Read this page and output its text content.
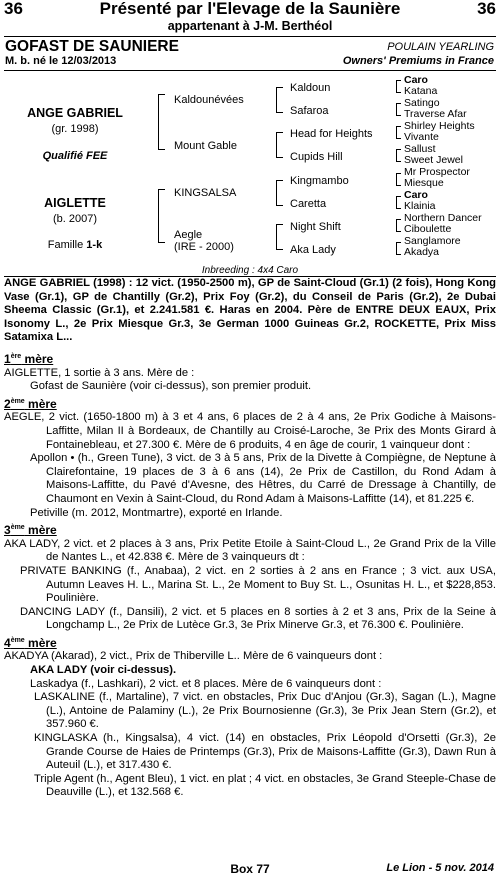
36	Présenté par l'Elevage de la Saunière	36
appartenant à J-M. Berthéol
GOFAST DE SAUNIERE	POULAIN YEARLING
M. b. né le 12/03/2013	Owners' Premiums in France
ANGE GABRIEL
(gr. 1998)
Qualifié FEE
AIGLETTE
(b. 2007)
Famille 1-k
Kaldounévées
Mount Gable
KINGSALSA
Aegle
(IRE - 2000)
Kaldoun
Safaroa
Head for Heights
Cupids Hill
Kingmambo
Caretta
Night Shift
Aka Lady
Caro
Katana
Satingo
Traverse Afar
Shirley Heights
Vivante
Sallust
Sweet Jewel
Mr Prospector
Miesque
Caro
Klainia
Northern Dancer
Ciboulette
Sanglamore
Akadya
Inbreeding : 4x4 Caro
ANGE GABRIEL (1998) : 12 vict. (1950-2500 m), GP de Saint-Cloud (Gr.1) (2 fois), Hong Kong Vase (Gr.1), GP de Chantilly (Gr.2), Prix Foy (Gr.2), du Conseil de Paris (Gr.2), 2e Dubai Sheema Classic (Gr.1), et 2.241.581 €. Haras en 2004. Père de ENTRE DEUX EAUX, Prix Isonomy L., 2e Prix Miesque Gr.3, 3e German 1000 Guineas Gr.2, ROCKETTE, Prix Miss Satamixa L...
1ère mère
AIGLETTE, 1 sortie à 3 ans. Mère de :
Gofast de Saunière (voir ci-dessus), son premier produit.
2ème mère
AEGLE, 2 vict. (1650-1800 m) à 3 et 4 ans, 6 places de 2 à 4 ans, 2e Prix Godiche à Maisons-Laffitte, Milan II à Bordeaux, de Chantilly au Croisé-Laroche, 3e Prix des Monts Girard à Fontainebleau, et 27.300 €. Mère de 6 produits, 4 en âge de courir, 1 vainqueur dont :
Apollon • (h., Green Tune), 3 vict. de 3 à 5 ans, Prix de la Divette à Compiègne, de Neptune à Clairefontaine, 19 places de 3 à 6 ans (14), 2e Prix de Castillon, du Rond Adam à Maisons-Laffitte, du Pavé d'Avesne, des Hêtres, du Carré de Dressage à Chantilly, de Chaumont en Vexin à Saint-Cloud, du Rond Adam à Maisons-Laffitte (14), et 81.225 €.
Petiville (m. 2012, Montmartre), exporté en Irlande.
3ème mère
AKA LADY, 2 vict. et 2 places à 3 ans, Prix Petite Etoile à Saint-Cloud L., 2e Grand Prix de la Ville de Nantes L., et 42.838 €. Mère de 3 vainqueurs dt :
PRIVATE BANKING (f., Anabaa), 2 vict. en 2 sorties à 2 ans en France ; 3 vict. aux USA, Autumn Leaves H. L., Marina St. L., 2e Moment to Buy St. L., Osunitas H. L., et $228,853. Poulinière.
DANCING LADY (f., Dansili), 2 vict. et 5 places en 8 sorties à 2 et 3 ans, Prix de la Seine à Longchamp L., 2e Prix de Lutèce Gr.3, 3e Prix Minerve Gr.3, et 76.300 €. Poulinière.
4ème mère
AKADYA (Akarad), 2 vict., Prix de Thiberville L.. Mère de 6 vainqueurs dont :
AKA LADY (voir ci-dessus).
Laskadya (f., Lashkari), 2 vict. et 8 places. Mère de 6 vainqueurs dont :
LASKALINE (f., Martaline), 7 vict. en obstacles, Prix Duc d'Anjou (Gr.3), Sagan (L.), Magne (L.), Antoine de Palaminy (L.), 2e Prix Bournosienne (Gr.3), 3e Prix Jean Stern (Gr.2), et 357.960 €.
KINGLASKA (h., Kingsalsa), 4 vict. (14) en obstacles, Prix Léopold d'Orsetti (Gr.3), 2e Grande Course de Haies de Printemps (Gr.3), Prix de Maisons-Laffitte (Gr.3), Dawn Run à Auteuil (L.), et 317.430 €.
Triple Agent (h., Agent Bleu), 1 vict. en plat ; 4 vict. en obstacles, 3e Grand Steeple-Chase de Deauville (L.), et 132.568 €.
Box 77	Le Lion - 5 nov. 2014
